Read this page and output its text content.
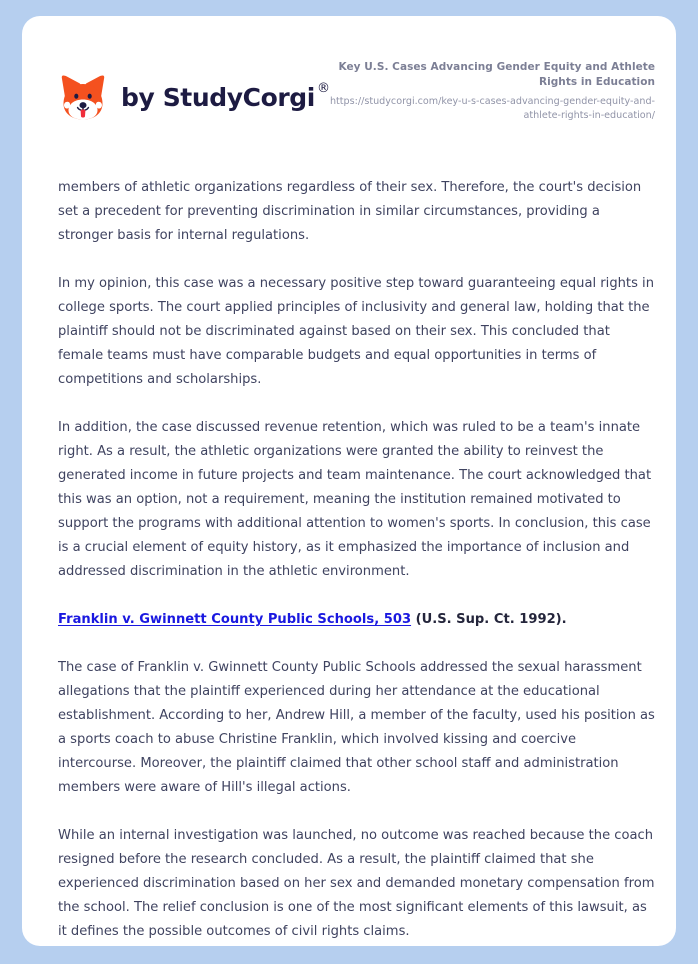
by StudyCorgi ®
Key U.S. Cases Advancing Gender Equity and Athlete Rights in Education
https://studycorgi.com/key-u-s-cases-advancing-gender-equity-and-athlete-rights-in-education/

members of athletic organizations regardless of their sex. Therefore, the court's decision set a precedent for preventing discrimination in similar circumstances, providing a stronger basis for internal regulations.

In my opinion, this case was a necessary positive step toward guaranteeing equal rights in college sports. The court applied principles of inclusivity and general law, holding that the plaintiff should not be discriminated against based on their sex. This concluded that female teams must have comparable budgets and equal opportunities in terms of competitions and scholarships.

In addition, the case discussed revenue retention, which was ruled to be a team's innate right. As a result, the athletic organizations were granted the ability to reinvest the generated income in future projects and team maintenance. The court acknowledged that this was an option, not a requirement, meaning the institution remained motivated to support the programs with additional attention to women's sports. In conclusion, this case is a crucial element of equity history, as it emphasized the importance of inclusion and addressed discrimination in the athletic environment.

Franklin v. Gwinnett County Public Schools, 503 (U.S. Sup. Ct. 1992).

The case of Franklin v. Gwinnett County Public Schools addressed the sexual harassment allegations that the plaintiff experienced during her attendance at the educational establishment. According to her, Andrew Hill, a member of the faculty, used his position as a sports coach to abuse Christine Franklin, which involved kissing and coercive intercourse. Moreover, the plaintiff claimed that other school staff and administration members were aware of Hill's illegal actions.

While an internal investigation was launched, no outcome was reached because the coach resigned before the research concluded. As a result, the plaintiff claimed that she experienced discrimination based on her sex and demanded monetary compensation from the school. The relief conclusion is one of the most significant elements of this lawsuit, as it defines the possible outcomes of civil rights claims.
